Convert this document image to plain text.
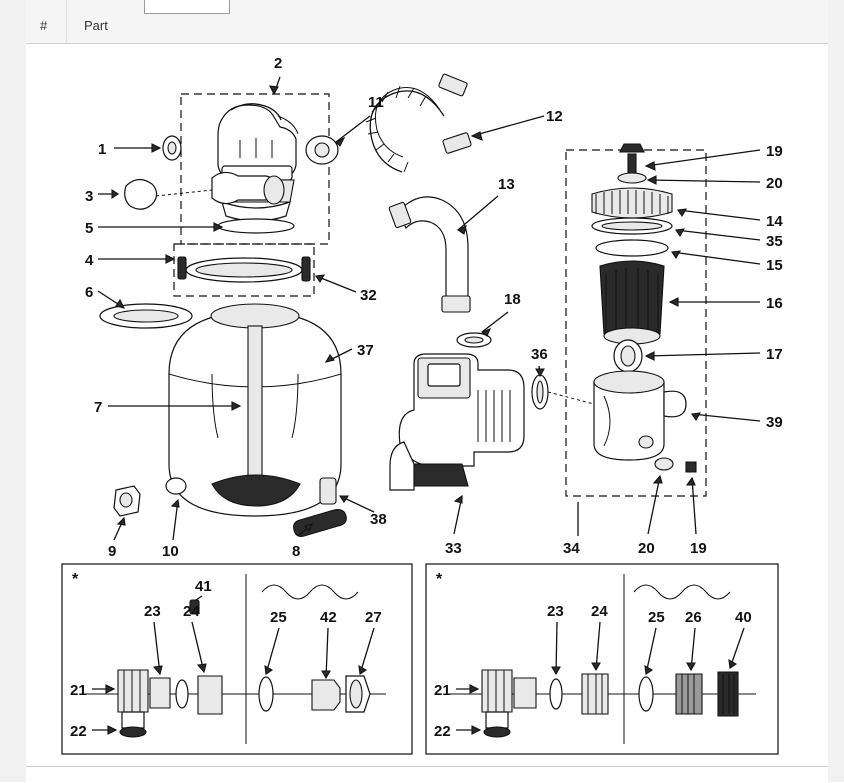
#	Part
1
2
3
4
5
6
7
8
9	10
11
12
13
14
15
16
17
18
19
19
20
20
32
33	34
35
36
37
38
39
*
21
22
23 24	25	27
41
42
*
21
22
23 24	25 26 40
